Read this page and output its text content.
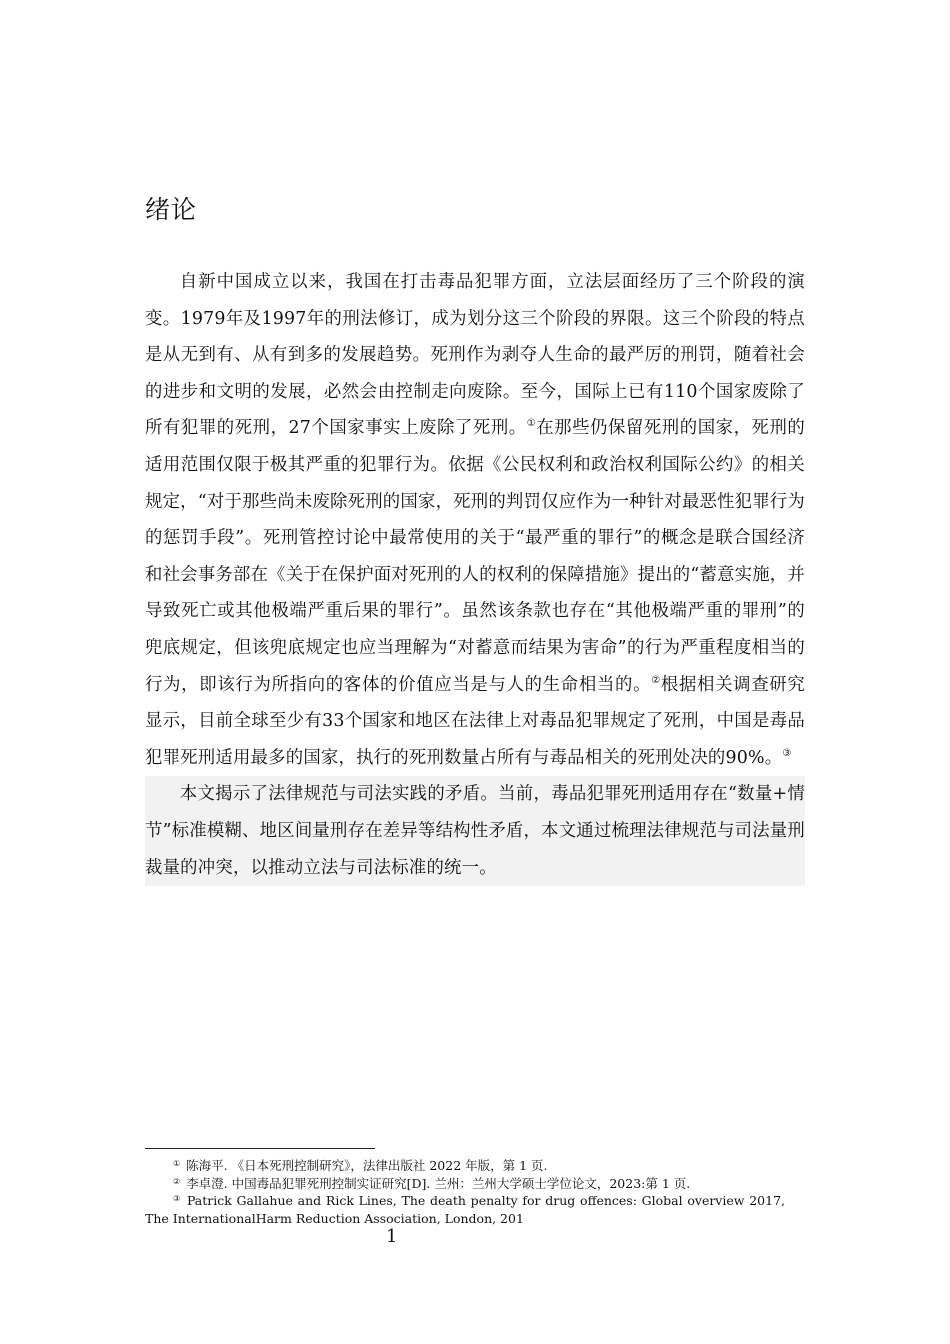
绪论

自新中国成立以来，我国在打击毒品犯罪方面，立法层面经历了三个阶段的演变。1979年及1997年的刑法修订，成为划分这三个阶段的界限。这三个阶段的特点是从无到有、从有到多的发展趋势。死刑作为剥夺人生命的最严厉的刑罚，随着社会的进步和文明的发展，必然会由控制走向废除。至今，国际上已有110个国家废除了所有犯罪的死刑，27个国家事实上废除了死刑。①在那些仍保留死刑的国家，死刑的适用范围仅限于极其严重的犯罪行为。依据《公民权利和政治权利国际公约》的相关规定，“对于那些尚未废除死刑的国家，死刑的判罚仅应作为一种针对最恶性犯罪行为的惩罚手段”。死刑管控讨论中最常使用的关于“最严重的罪行”的概念是联合国经济和社会事务部在《关于在保护面对死刑的人的权利的保障措施》提出的“蓄意实施，并导致死亡或其他极端严重后果的罪行”。虽然该条款也存在“其他极端严重的罪刑”的兜底规定，但该兜底规定也应当理解为“对蓄意而结果为害命”的行为严重程度相当的行为，即该行为所指向的客体的价值应当是与人的生命相当的。②根据相关调查研究显示，目前全球至少有33个国家和地区在法律上对毒品犯罪规定了死刑，中国是毒品犯罪死刑适用最多的国家，执行的死刑数量占所有与毒品相关的死刑处决的90%。③

本文揭示了法律规范与司法实践的矛盾。当前，毒品犯罪死刑适用存在“数量+情节”标准模糊、地区间量刑存在差异等结构性矛盾，本文通过梳理法律规范与司法量刑裁量的冲突，以推动立法与司法标准的统一。

① 陈海平. 《日本死刑控制研究》，法律出版社 2022 年版，第 1 页.

② 李卓澄. 中国毒品犯罪死刑控制实证研究[D]. 兰州：兰州大学硕士学位论文，2023:第 1 页.

③ Patrick Gallahue and Rick Lines, The death penalty for drug offences: Global overview 2017, The InternationalHarm Reduction Association, London, 201

1
